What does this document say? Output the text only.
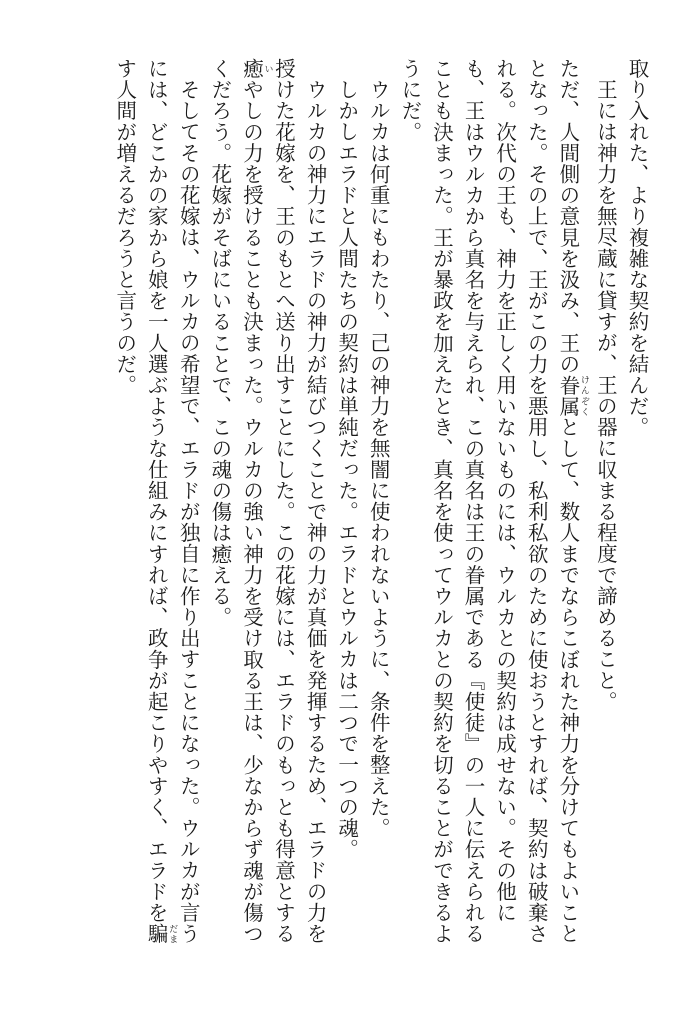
取り入れた、より複雑な契約を結んだ。

王には神力を無尽蔵に貸すが、王の器に収まる程度で諦めること。

ただ、人間側の意見を汲み、王の眷属 けんぞくとして、数人までならこぼれた神力を分けてもよいこととなった。その上で、王がこの力を悪用し、私利私欲のために使おうとすれば、契約は破棄される。次代の王も、神力を正しく用いないものには、ウルカとの契約は成せない。その他にも、王はウルカから真名を与えられ、この真名は王の眷属である『使徒』の一人に伝えられることも決まった。王が暴政を加えたとき、真名を使ってウルカとの契約を切ることができるようにだ。

ウルカは何重にもわたり、己の神力を無闇に使われないように、条件を整えた。

しかしエラドと人間たちの契約は単純だった。エラドとウルカは二つで一つの魂。

ウルカの神力にエラドの神力が結びつくことで神の力が真価を発揮するため、エラドの力を授けた花嫁を、王のもとへ送り出すことにした。この花嫁には、エラドのもっとも得意とする癒 いやしの力を授けることも決まった。ウルカの強い神力を受け取る王は、少なからず魂が傷つくだろう。花嫁がそばにいることで、この魂の傷は癒える。

そしてその花嫁は、ウルカの希望で、エラドが独自に作り出すことになった。ウルカが言うには、どこかの家から娘を一人選ぶような仕組みにすれば、政争が起こりやすく、エラドを騙 だます人間が増えるだろうと言うのだ。
